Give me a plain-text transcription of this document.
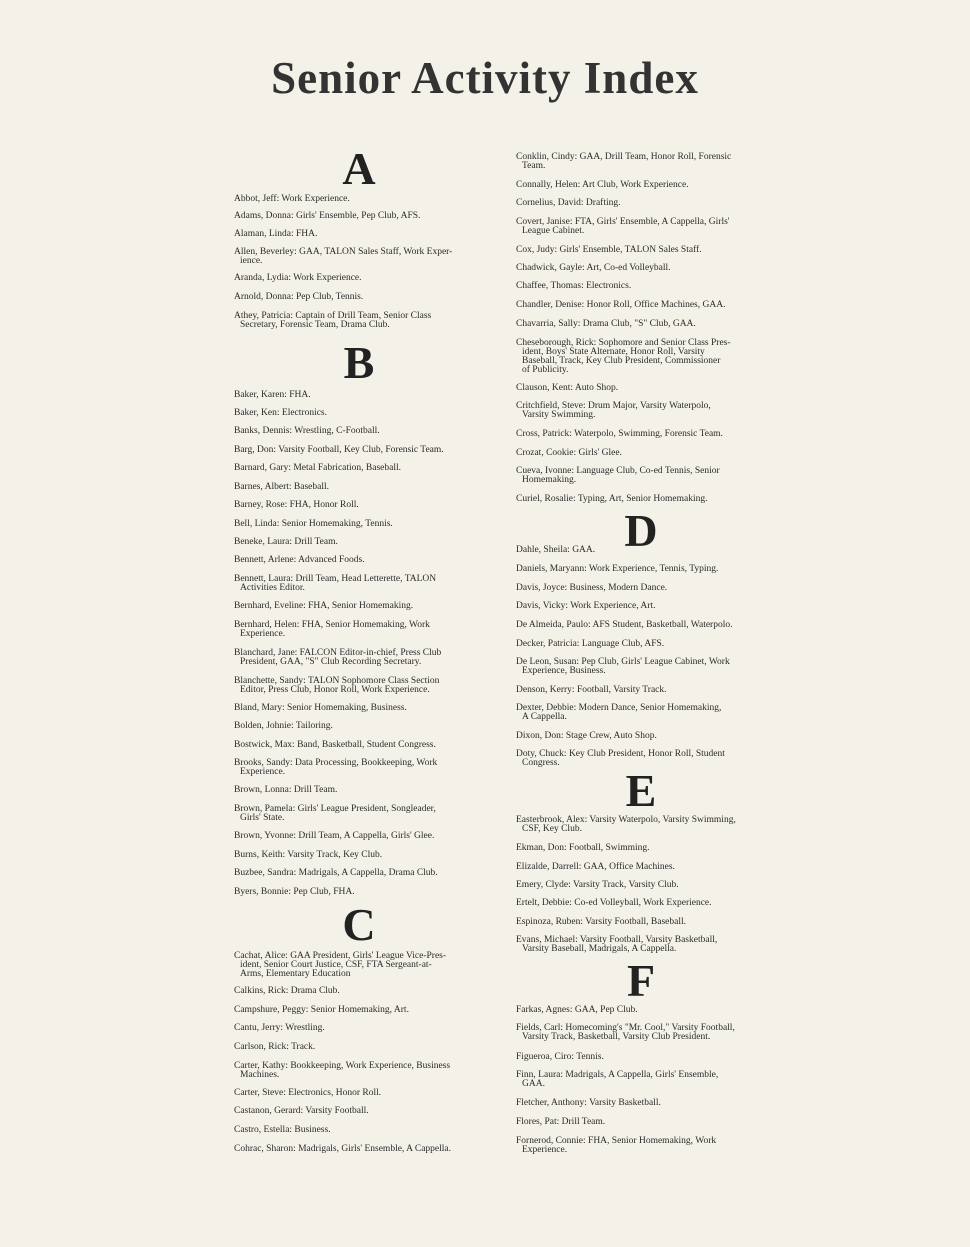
Senior Activity Index
A
Abbot, Jeff: Work Experience.
Adams, Donna: Girls' Ensemble, Pep Club, AFS.
Alaman, Linda: FHA.
Allen, Beverley: GAA, TALON Sales Staff, Work Exper-
ience.
Aranda, Lydia: Work Experience.
Arnold, Donna: Pep Club, Tennis.
Athey, Patricia: Captain of Drill Team, Senior Class
Secretary, Forensic Team, Drama Club.
B
Baker, Karen: FHA.
Baker, Ken: Electronics.
Banks, Dennis: Wrestling, C-Football.
Barg, Don: Varsity Football, Key Club, Forensic Team.
Barnard, Gary: Metal Fabrication, Baseball.
Barnes, Albert: Baseball.
Barney, Rose: FHA, Honor Roll.
Bell, Linda: Senior Homemaking, Tennis.
Beneke, Laura: Drill Team.
Bennett, Arlene: Advanced Foods.
Bennett, Laura: Drill Team, Head Letterette, TALON
Activities Editor.
Bernhard, Eveline: FHA, Senior Homemaking.
Bernhard, Helen: FHA, Senior Homemaking, Work
Experience.
Blanchard, Jane: FALCON Editor-in-chief, Press Club
President, GAA, "S" Club Recording Secretary.
Blanchette, Sandy: TALON Sophomore Class Section
Editor, Press Club, Honor Roll, Work Experience.
Bland, Mary: Senior Homemaking, Business.
Bolden, Johnie: Tailoring.
Bostwick, Max: Band, Basketball, Student Congress.
Brooks, Sandy: Data Processing, Bookkeeping, Work
Experience.
Brown, Lonna: Drill Team.
Brown, Pamela: Girls' League President, Songleader,
Girls' State.
Brown, Yvonne: Drill Team, A Cappella, Girls' Glee.
Burns, Keith: Varsity Track, Key Club.
Buzbee, Sandra: Madrigals, A Cappella, Drama Club.
Byers, Bonnie: Pep Club, FHA.
C
Cachat, Alice: GAA President, Girls' League Vice-Pres-
ident, Senior Court Justice, CSF, FTA Sergeant-at-
Arms, Elementary Education
Calkins, Rick: Drama Club.
Campshure, Peggy: Senior Homemaking, Art.
Cantu, Jerry: Wrestling.
Carlson, Rick: Track.
Carter, Kathy: Bookkeeping, Work Experience, Business
Machines.
Carter, Steve: Electronics, Honor Roll.
Castanon, Gerard: Varsity Football.
Castro, Estella: Business.
Cohrac, Sharon: Madrigals, Girls' Ensemble, A Cappella.
Conklin, Cindy: GAA, Drill Team, Honor Roll, Forensic
Team.
Connally, Helen: Art Club, Work Experience.
Cornelius, David: Drafting.
Covert, Janise: FTA, Girls' Ensemble, A Cappella, Girls'
League Cabinet.
Cox, Judy: Girls' Ensemble, TALON Sales Staff.
Chadwick, Gayle: Art, Co-ed Volleyball.
Chaffee, Thomas: Electronics.
Chandler, Denise: Honor Roll, Office Machines, GAA.
Chavarria, Sally: Drama Club, "S" Club, GAA.
Cheseborough, Rick: Sophomore and Senior Class Pres-
ident, Boys' State Alternate, Honor Roll, Varsity
Baseball, Track, Key Club President, Commissioner
of Publicity.
Clauson, Kent: Auto Shop.
Critchfield, Steve: Drum Major, Varsity Waterpolo,
Varsity Swimming.
Cross, Patrick: Waterpolo, Swimming, Forensic Team.
Crozat, Cookie: Girls' Glee.
Cueva, Ivonne: Language Club, Co-ed Tennis, Senior
Homemaking.
Curiel, Rosalie: Typing, Art, Senior Homemaking.
D
Dahle, Sheila: GAA.
Daniels, Maryann: Work Experience, Tennis, Typing.
Davis, Joyce: Business, Modern Dance.
Davis, Vicky: Work Experience, Art.
De Almeida, Paulo: AFS Student, Basketball, Waterpolo.
Decker, Patricia: Language Club, AFS.
De Leon, Susan: Pep Club, Girls' League Cabinet, Work
Experience, Business.
Denson, Kerry: Football, Varsity Track.
Dexter, Debbie: Modern Dance, Senior Homemaking,
A Cappella.
Dixon, Don: Stage Crew, Auto Shop.
Doty, Chuck: Key Club President, Honor Roll, Student
Congress.
E
Easterbrook, Alex: Varsity Waterpolo, Varsity Swimming,
CSF, Key Club.
Ekman, Don: Football, Swimming.
Elizalde, Darrell: GAA, Office Machines.
Emery, Clyde: Varsity Track, Varsity Club.
Ertelt, Debbie: Co-ed Volleyball, Work Experience.
Espinoza, Ruben: Varsity Football, Baseball.
Evans, Michael: Varsity Football, Varsity Basketball,
Varsity Baseball, Madrigals, A Cappella.
F
Farkas, Agnes: GAA, Pep Club.
Fields, Carl: Homecoming's "Mr. Cool," Varsity Football,
Varsity Track, Basketball, Varsity Club President.
Figueroa, Ciro: Tennis.
Finn, Laura: Madrigals, A Cappella, Girls' Ensemble,
GAA.
Fletcher, Anthony: Varsity Basketball.
Flores, Pat: Drill Team.
Fornerod, Connie: FHA, Senior Homemaking, Work
Experience.
